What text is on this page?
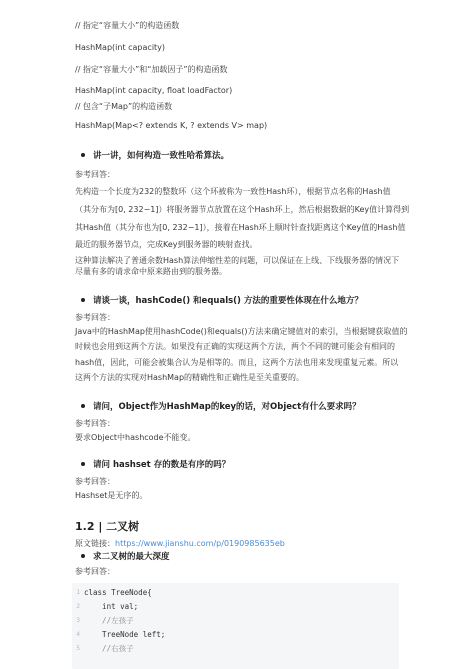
// 指定“容量大小”的构造函数

HashMap(int capacity)

// 指定“容量大小”和“加载因子”的构造函数

HashMap(int capacity, float loadFactor)

// 包含“子Map”的构造函数

HashMap(Map<? extends K, ? extends V> map)

讲一讲，如何构造一致性哈希算法。

参考回答：

先构造一个长度为232的整数环（这个环被称为一致性Hash环），根据节点名称的Hash值

（其分布为[0, 232−1]）将服务器节点放置在这个Hash环上，然后根据数据的Key值计算得到

其Hash值（其分布也为[0, 232−1]），接着在Hash环上顺时针查找距离这个Key值的Hash值

最近的服务器节点，完成Key到服务器的映射查找。

这种算法解决了普通余数Hash算法伸缩性差的问题，可以保证在上线、下线服务器的情况下

尽量有多的请求命中原来路由到的服务器。

请谈一谈，hashCode() 和equals() 方法的重要性体现在什么地方？

参考回答：

Java中的HashMap使用hashCode()和equals()方法来确定键值对的索引，当根据键获取值的

时候也会用到这两个方法。如果没有正确的实现这两个方法，两个不同的键可能会有相同的

hash值，因此，可能会被集合认为是相等的。而且，这两个方法也用来发现重复元素。所以

这两个方法的实现对HashMap的精确性和正确性是至关重要的。

请问，Object作为HashMap的key的话，对Object有什么要求吗？

参考回答：

要求Object中hashcode不能变。

请问 hashset 存的数是有序的吗？

参考回答：

Hashset是无序的。

1.2 | 二叉树

原文链接：https://www.jianshu.com/p/0190985635eb

求二叉树的最大深度

参考回答：

1 class TreeNode{
2 int val;
3 //左孩子
4 TreeNode left;
5 //右孩子
